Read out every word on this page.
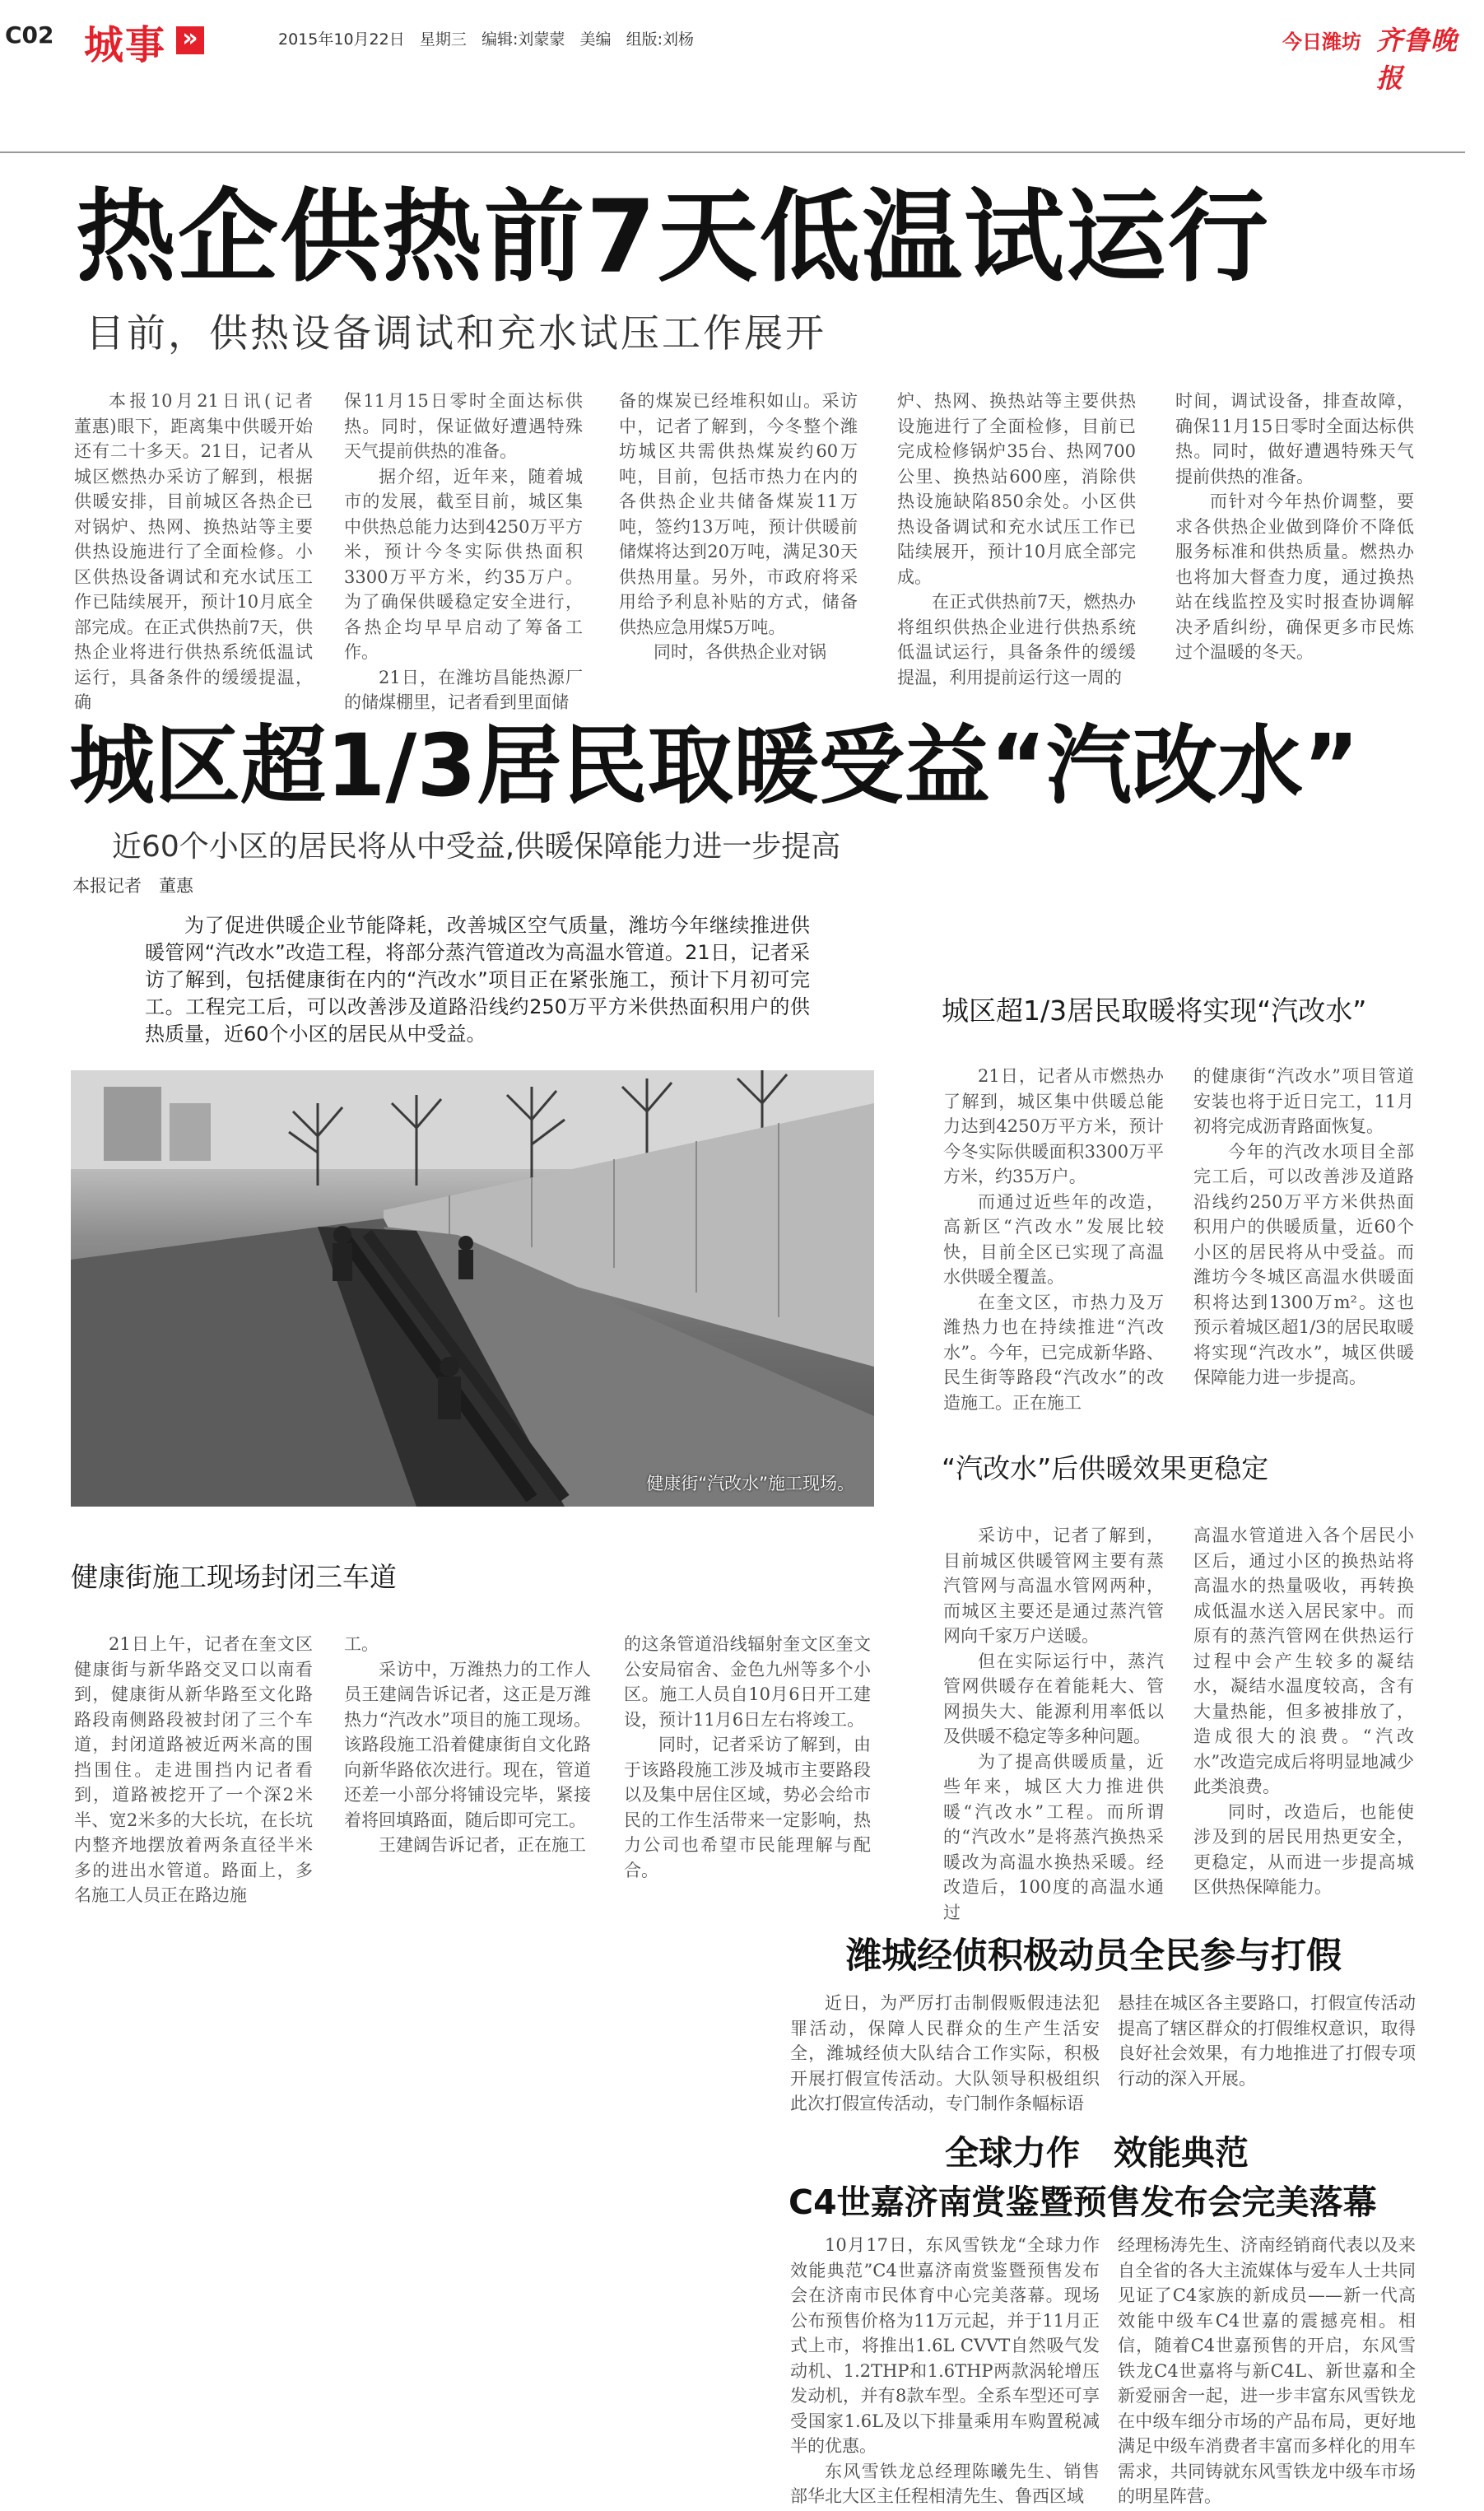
C02 城事 »	2015年10月22日 星期三 编辑:刘蒙蒙 美编 组版:刘杨	今日潍坊 齐鲁晚报
热企供热前7天低温试运行
目前，供热设备调试和充水试压工作展开

本报10月21日讯(记者　董惠)眼下，距离集中供暖开始还有二十多天。21日，记者从城区燃热办采访了解到，根据供暖安排，目前城区各热企已对锅炉、热网、换热站等主要供热设施进行了全面检修。小区供热设备调试和充水试压工作已陆续展开，预计10月底全部完成。在正式供热前7天，供热企业将进行供热系统低温试运行，具备条件的缓缓提温，确

保11月15日零时全面达标供热。同时，保证做好遭遇特殊天气提前供热的准备。

据介绍，近年来，随着城市的发展，截至目前，城区集中供热总能力达到4250万平方米，预计今冬实际供热面积3300万平方米，约35万户。为了确保供暖稳定安全进行，各热企均早早启动了筹备工作。

21日，在潍坊昌能热源厂的储煤棚里，记者看到里面储

备的煤炭已经堆积如山。采访中，记者了解到，今冬整个潍坊城区共需供热煤炭约60万吨，目前，包括市热力在内的各供热企业共储备煤炭11万吨，签约13万吨，预计供暖前储煤将达到20万吨，满足30天供热用量。另外，市政府将采用给予利息补贴的方式，储备供热应急用煤5万吨。

同时，各供热企业对锅

炉、热网、换热站等主要供热设施进行了全面检修，目前已完成检修锅炉35台、热网700公里、换热站600座，消除供热设施缺陷850余处。小区供热设备调试和充水试压工作已陆续展开，预计10月底全部完成。

在正式供热前7天，燃热办将组织供热企业进行供热系统低温试运行，具备条件的缓缓提温，利用提前运行这一周的

时间，调试设备，排查故障，确保11月15日零时全面达标供热。同时，做好遭遇特殊天气提前供热的准备。

而针对今年热价调整，要求各供热企业做到降价不降低服务标准和供热质量。燃热办也将加大督查力度，通过换热站在线监控及实时报查协调解决矛盾纠纷，确保更多市民炼过个温暖的冬天。

城区超1/3居民取暖受益“汽改水”
近60个小区的居民将从中受益,供暖保障能力进一步提高
本报记者　董惠
为了促进供暖企业节能降耗，改善城区空气质量，潍坊今年继续推进供暖管网“汽改水”改造工程，将部分蒸汽管道改为高温水管道。21日，记者采访了解到，包括健康街在内的“汽改水”项目正在紧张施工，预计下月初可完工。工程完工后，可以改善涉及道路沿线约250万平方米供热面积用户的供热质量，近60个小区的居民从中受益。
健康街“汽改水”施工现场。
城区超1/3居民取暖将实现“汽改水”

21日，记者从市燃热办了解到，城区集中供暖总能力达到4250万平方米，预计今冬实际供暖面积3300万平方米，约35万户。

而通过近些年的改造，高新区“汽改水”发展比较快，目前全区已实现了高温水供暖全覆盖。

在奎文区，市热力及万潍热力也在持续推进“汽改水”。今年，已完成新华路、民生街等路段“汽改水”的改造施工。正在施工

的健康街“汽改水”项目管道安装也将于近日完工，11月初将完成沥青路面恢复。

今年的汽改水项目全部完工后，可以改善涉及道路沿线约250万平方米供热面积用户的供暖质量，近60个小区的居民将从中受益。而潍坊今冬城区高温水供暖面积将达到1300万m²。这也预示着城区超1/3的居民取暖将实现“汽改水”，城区供暖保障能力进一步提高。

“汽改水”后供暖效果更稳定

采访中，记者了解到，目前城区供暖管网主要有蒸汽管网与高温水管网两种，而城区主要还是通过蒸汽管网向千家万户送暖。

但在实际运行中，蒸汽管网供暖存在着能耗大、管网损失大、能源利用率低以及供暖不稳定等多种问题。

为了提高供暖质量，近些年来，城区大力推进供暖“汽改水”工程。而所谓的“汽改水”是将蒸汽换热采暖改为高温水换热采暖。经改造后，100度的高温水通过

高温水管道进入各个居民小区后，通过小区的换热站将高温水的热量吸收，再转换成低温水送入居民家中。而原有的蒸汽管网在供热运行过程中会产生较多的凝结水，凝结水温度较高，含有大量热能，但多被排放了，造成很大的浪费。“汽改水”改造完成后将明显地减少此类浪费。

同时，改造后，也能使涉及到的居民用热更安全，更稳定，从而进一步提高城区供热保障能力。

健康街施工现场封闭三车道

21日上午，记者在奎文区健康街与新华路交叉口以南看到，健康街从新华路至文化路路段南侧路段被封闭了三个车道，封闭道路被近两米高的围挡围住。走进围挡内记者看到，道路被挖开了一个深2米半、宽2米多的大长坑，在长坑内整齐地摆放着两条直径半米多的进出水管道。路面上，多名施工人员正在路边施

工。

采访中，万潍热力的工作人员王建阔告诉记者，这正是万潍热力“汽改水”项目的施工现场。该路段施工沿着健康街自文化路向新华路依次进行。现在，管道还差一小部分将铺设完毕，紧接着将回填路面，随后即可完工。

王建阔告诉记者，正在施工

的这条管道沿线辐射奎文区奎文公安局宿舍、金色九州等多个小区。施工人员自10月6日开工建设，预计11月6日左右将竣工。

同时，记者采访了解到，由于该路段施工涉及城市主要路段以及集中居住区域，势必会给市民的工作生活带来一定影响，热力公司也希望市民能理解与配合。

潍城经侦积极动员全民参与打假

近日，为严厉打击制假贩假违法犯罪活动，保障人民群众的生产生活安全，潍城经侦大队结合工作实际，积极开展打假宣传活动。大队领导积极组织此次打假宣传活动，专门制作条幅标语

悬挂在城区各主要路口，打假宣传活动提高了辖区群众的打假维权意识，取得良好社会效果，有力地推进了打假专项行动的深入开展。

全球力作　效能典范
C4世嘉济南赏鉴暨预售发布会完美落幕

10月17日，东风雪铁龙“全球力作 效能典范”C4世嘉济南赏鉴暨预售发布会在济南市民体育中心完美落幕。现场公布预售价格为11万元起，并于11月正式上市，将推出1.6L CVVT自然吸气发动机、1.2THP和1.6THP两款涡轮增压发动机，并有8款车型。全系车型还可享受国家1.6L及以下排量乘用车购置税减半的优惠。

东风雪铁龙总经理陈曦先生、销售部华北大区主任程相清先生、鲁西区域

经理杨涛先生、济南经销商代表以及来自全省的各大主流媒体与爱车人士共同见证了C4家族的新成员——新一代高效能中级车C4世嘉的震撼亮相。相信，随着C4世嘉预售的开启，东风雪铁龙C4世嘉将与新C4L、新世嘉和全新爱丽舍一起，进一步丰富东风雪铁龙在中级车细分市场的产品布局，更好地满足中级车消费者丰富而多样化的用车需求，共同铸就东风雪铁龙中级车市场的明星阵营。
